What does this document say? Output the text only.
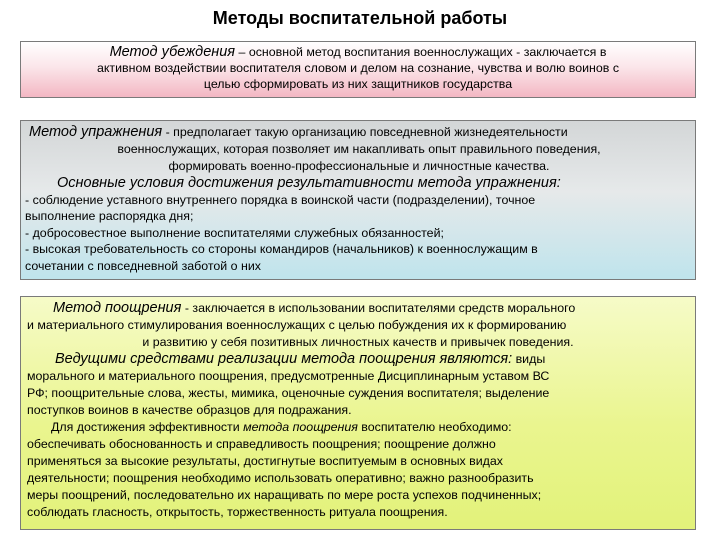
Методы воспитательной работы

Метод убеждения – основной метод воспитания военнослужащих - заключается в

активном воздействии воспитателя словом и делом на сознание, чувства и волю воинов с

целью сформировать из них защитников государства

Метод упражнения - предполагает такую организацию повседневной жизнедеятельности

военнослужащих, которая позволяет им накапливать опыт правильного поведения,

формировать военно-профессиональные и личностные качества.

Основные условия достижения результативности метода упражнения:

- соблюдение уставного внутреннего порядка в воинской части (подразделении), точное

выполнение распорядка дня;

- добросовестное выполнение воспитателями служебных обязанностей;

- высокая требовательность со стороны командиров (начальников) к военнослужащим в

сочетании с повседневной заботой о них

Метод поощрения - заключается в использовании воспитателями средств морального

и материального стимулирования военнослужащих с целью побуждения их к формированию

и развитию у себя позитивных личностных качеств и привычек поведения.

Ведущими средствами реализации метода поощрения являются: виды

морального и материального поощрения, предусмотренные Дисциплинарным уставом ВС

РФ; поощрительные слова, жесты, мимика, оценочные суждения воспитателя; выделение

поступков воинов в качестве образцов для подражания.

Для достижения эффективности метода поощрения воспитателю необходимо:

обеспечивать обоснованность и справедливость поощрения; поощрение должно

применяться за высокие результаты, достигнутые воспитуемым в основных видах

деятельности; поощрения необходимо использовать оперативно; важно разнообразить

меры поощрений, последовательно их наращивать по мере роста успехов подчиненных;

соблюдать гласность, открытость, торжественность ритуала поощрения.
